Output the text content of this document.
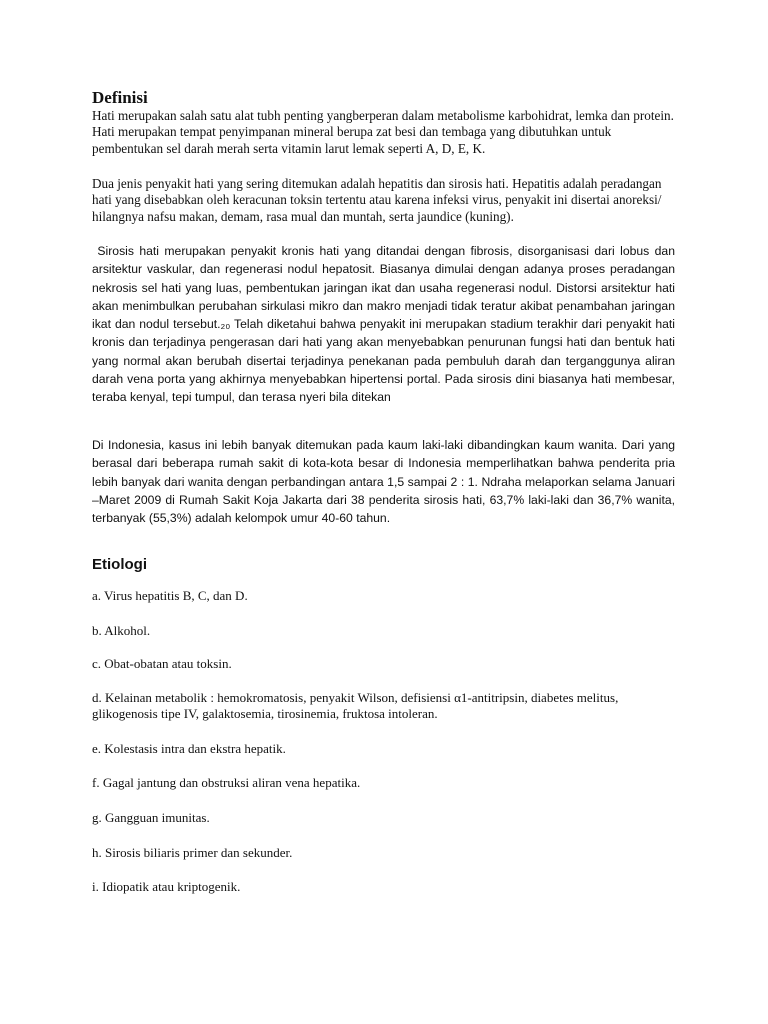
Definisi

Hati merupakan salah satu alat tubh penting yangberperan dalam metabolisme karbohidrat, lemka dan protein. Hati merupakan tempat penyimpanan mineral berupa zat besi dan tembaga yang dibutuhkan untuk pembentukan sel darah merah serta vitamin larut lemak seperti A, D, E, K.

Dua jenis penyakit hati yang sering ditemukan adalah hepatitis dan sirosis hati. Hepatitis adalah peradangan hati yang disebabkan oleh keracunan toksin tertentu atau karena infeksi virus, penyakit ini disertai anoreksi/ hilangnya nafsu makan, demam, rasa mual dan muntah, serta jaundice (kuning).

Sirosis hati merupakan penyakit kronis hati yang ditandai dengan fibrosis, disorganisasi dari lobus dan arsitektur vaskular, dan regenerasi nodul hepatosit. Biasanya dimulai dengan adanya proses peradangan nekrosis sel hati yang luas, pembentukan jaringan ikat dan usaha regenerasi nodul. Distorsi arsitektur hati akan menimbulkan perubahan sirkulasi mikro dan makro menjadi tidak teratur akibat penambahan jaringan ikat dan nodul tersebut.₂₀ Telah diketahui bahwa penyakit ini merupakan stadium terakhir dari penyakit hati kronis dan terjadinya pengerasan dari hati yang akan menyebabkan penurunan fungsi hati dan bentuk hati yang normal akan berubah disertai terjadinya penekanan pada pembuluh darah dan terganggunya aliran darah vena porta yang akhirnya menyebabkan hipertensi portal. Pada sirosis dini biasanya hati membesar, teraba kenyal, tepi tumpul, dan terasa nyeri bila ditekan

Di Indonesia, kasus ini lebih banyak ditemukan pada kaum laki-laki dibandingkan kaum wanita. Dari yang berasal dari beberapa rumah sakit di kota-kota besar di Indonesia memperlihatkan bahwa penderita pria lebih banyak dari wanita dengan perbandingan antara 1,5 sampai 2 : 1. Ndraha melaporkan selama Januari –Maret 2009 di Rumah Sakit Koja Jakarta dari 38 penderita sirosis hati, 63,7% laki-laki dan 36,7% wanita, terbanyak (55,3%) adalah kelompok umur 40-60 tahun.

Etiologi

a. Virus hepatitis B, C, dan D.

b. Alkohol.

c. Obat-obatan atau toksin.

d. Kelainan metabolik : hemokromatosis, penyakit Wilson, defisiensi α1-antitripsin, diabetes melitus, glikogenosis tipe IV, galaktosemia, tirosinemia, fruktosa intoleran.

e. Kolestasis intra dan ekstra hepatik.

f. Gagal jantung dan obstruksi aliran vena hepatika.

g. Gangguan imunitas.

h. Sirosis biliaris primer dan sekunder.

i. Idiopatik atau kriptogenik.
